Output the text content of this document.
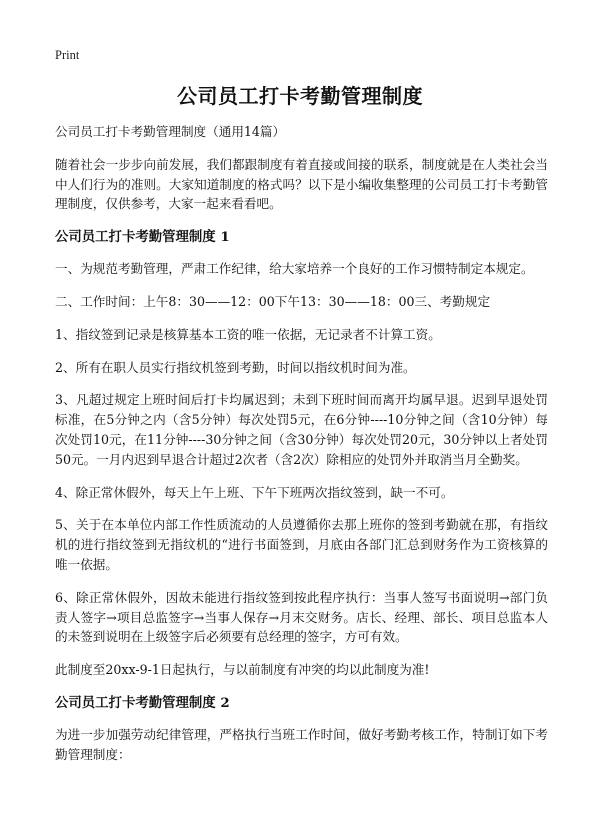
Print

公司员工打卡考勤管理制度

公司员工打卡考勤管理制度（通用14篇）

随着社会一步步向前发展，我们都跟制度有着直接或间接的联系，制度就是在人类社会当中人们行为的准则。大家知道制度的格式吗？以下是小编收集整理的公司员工打卡考勤管理制度，仅供参考，大家一起来看看吧。

公司员工打卡考勤管理制度 1

一、为规范考勤管理，严肃工作纪律，给大家培养一个良好的工作习惯特制定本规定。

二、工作时间：上午8：30——12：00下午13：30——18：00三、考勤规定

1、指纹签到记录是核算基本工资的唯一依据，无记录者不计算工资。

2、所有在职人员实行指纹机签到考勤，时间以指纹机时间为准。

3、凡超过规定上班时间后打卡均属迟到；未到下班时间而离开均属早退。迟到早退处罚标准，在5分钟之内（含5分钟）每次处罚5元，在6分钟----10分钟之间（含10分钟）每次处罚10元，在11分钟----30分钟之间（含30分钟）每次处罚20元，30分钟以上者处罚50元。一月内迟到早退合计超过2次者（含2次）除相应的处罚外并取消当月全勤奖。

4、除正常休假外，每天上午上班、下午下班两次指纹签到，缺一不可。

5、关于在本单位内部工作性质流动的人员遵循你去那上班你的签到考勤就在那，有指纹机的进行指纹签到无指纹机的“进行书面签到，月底由各部门汇总到财务作为工资核算的唯一依据。

6、除正常休假外，因故未能进行指纹签到按此程序执行：当事人签写书面说明→部门负责人签字→项目总监签字→当事人保存→月末交财务。店长、经理、部长、项目总监本人的未签到说明在上级签字后必须要有总经理的签字，方可有效。

此制度至20xx-9-1日起执行，与以前制度有冲突的均以此制度为准!

公司员工打卡考勤管理制度 2

为进一步加强劳动纪律管理，严格执行当班工作时间，做好考勤考核工作，特制订如下考勤管理制度：
